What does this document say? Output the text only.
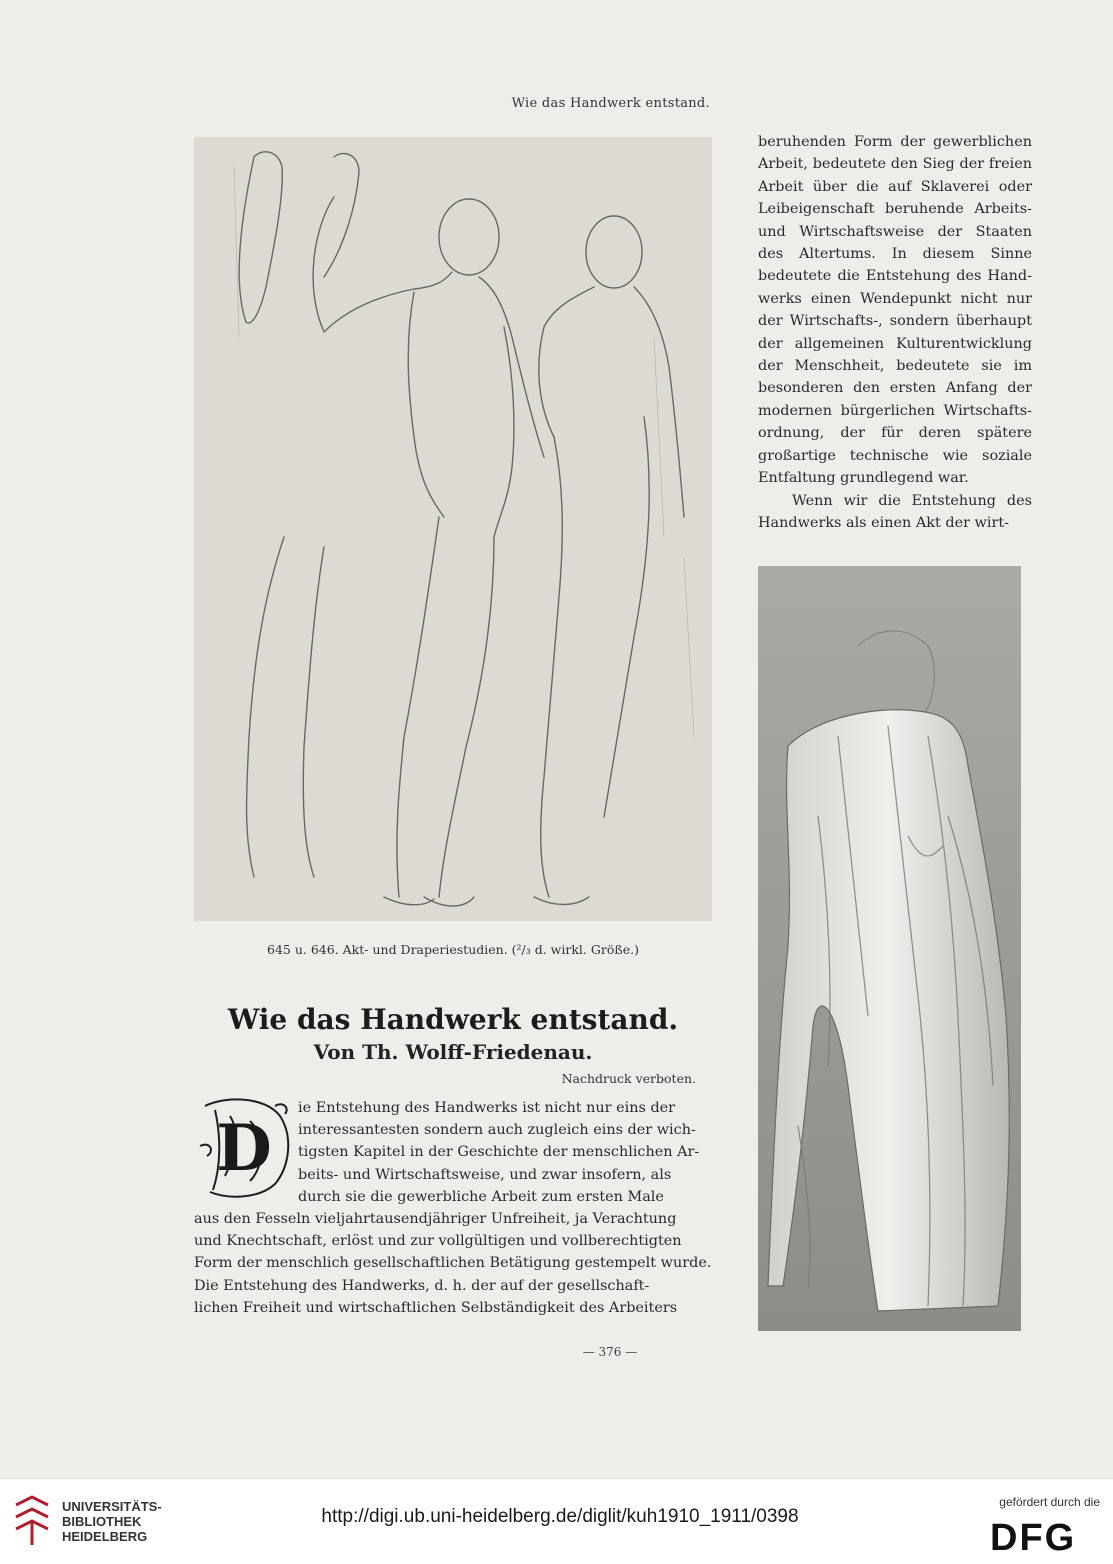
Wie das Handwerk entstand.
645 u. 646. Akt- und Draperiestudien. (²/₃ d. wirkl. Größe.)

beruhenden Form der gewerblichen Arbeit, bedeutete den Sieg der freien Arbeit über die auf Sklaverei oder Leibeigenschaft beruhende Arbeits- und Wirtschaftsweise der Staaten des Altertums. In diesem Sinne bedeutete die Entstehung des Hand- werks einen Wendepunkt nicht nur der Wirtschafts-, sondern überhaupt der allgemeinen Kulturentwicklung der Menschheit, bedeutete sie im besonderen den ersten Anfang der modernen bürgerlichen Wirtschafts- ordnung, der für deren spätere großartige technische wie soziale Entfaltung grundlegend war.

Wenn wir die Entstehung des Handwerks als einen Akt der wirt-

Wie das Handwerk entstand.
Von Th. Wolff-Friedenau.
Nachdruck verboten.
D
ie Entstehung des Handwerks ist nicht nur eins der
interessantesten sondern auch zugleich eins der wich-
tigsten Kapitel in der Geschichte der menschlichen Ar-
beits- und Wirtschaftsweise, und zwar insofern, als
durch sie die gewerbliche Arbeit zum ersten Male
aus den Fesseln vieljahrtausendjähriger Unfreiheit, ja Verachtung
und Knechtschaft, erlöst und zur vollgültigen und vollberechtigten
Form der menschlich gesellschaftlichen Betätigung gestempelt wurde.
Die Entstehung des Handwerks, d. h. der auf der gesellschaft-
lichen Freiheit und wirtschaftlichen Selbständigkeit des Arbeiters
— 376 —
UNIVERSITÄTS-
BIBLIOTHEK
HEIDELBERG
http://digi.ub.uni-heidelberg.de/diglit/kuh1910_1911/0398
gefördert durch die
DFG
